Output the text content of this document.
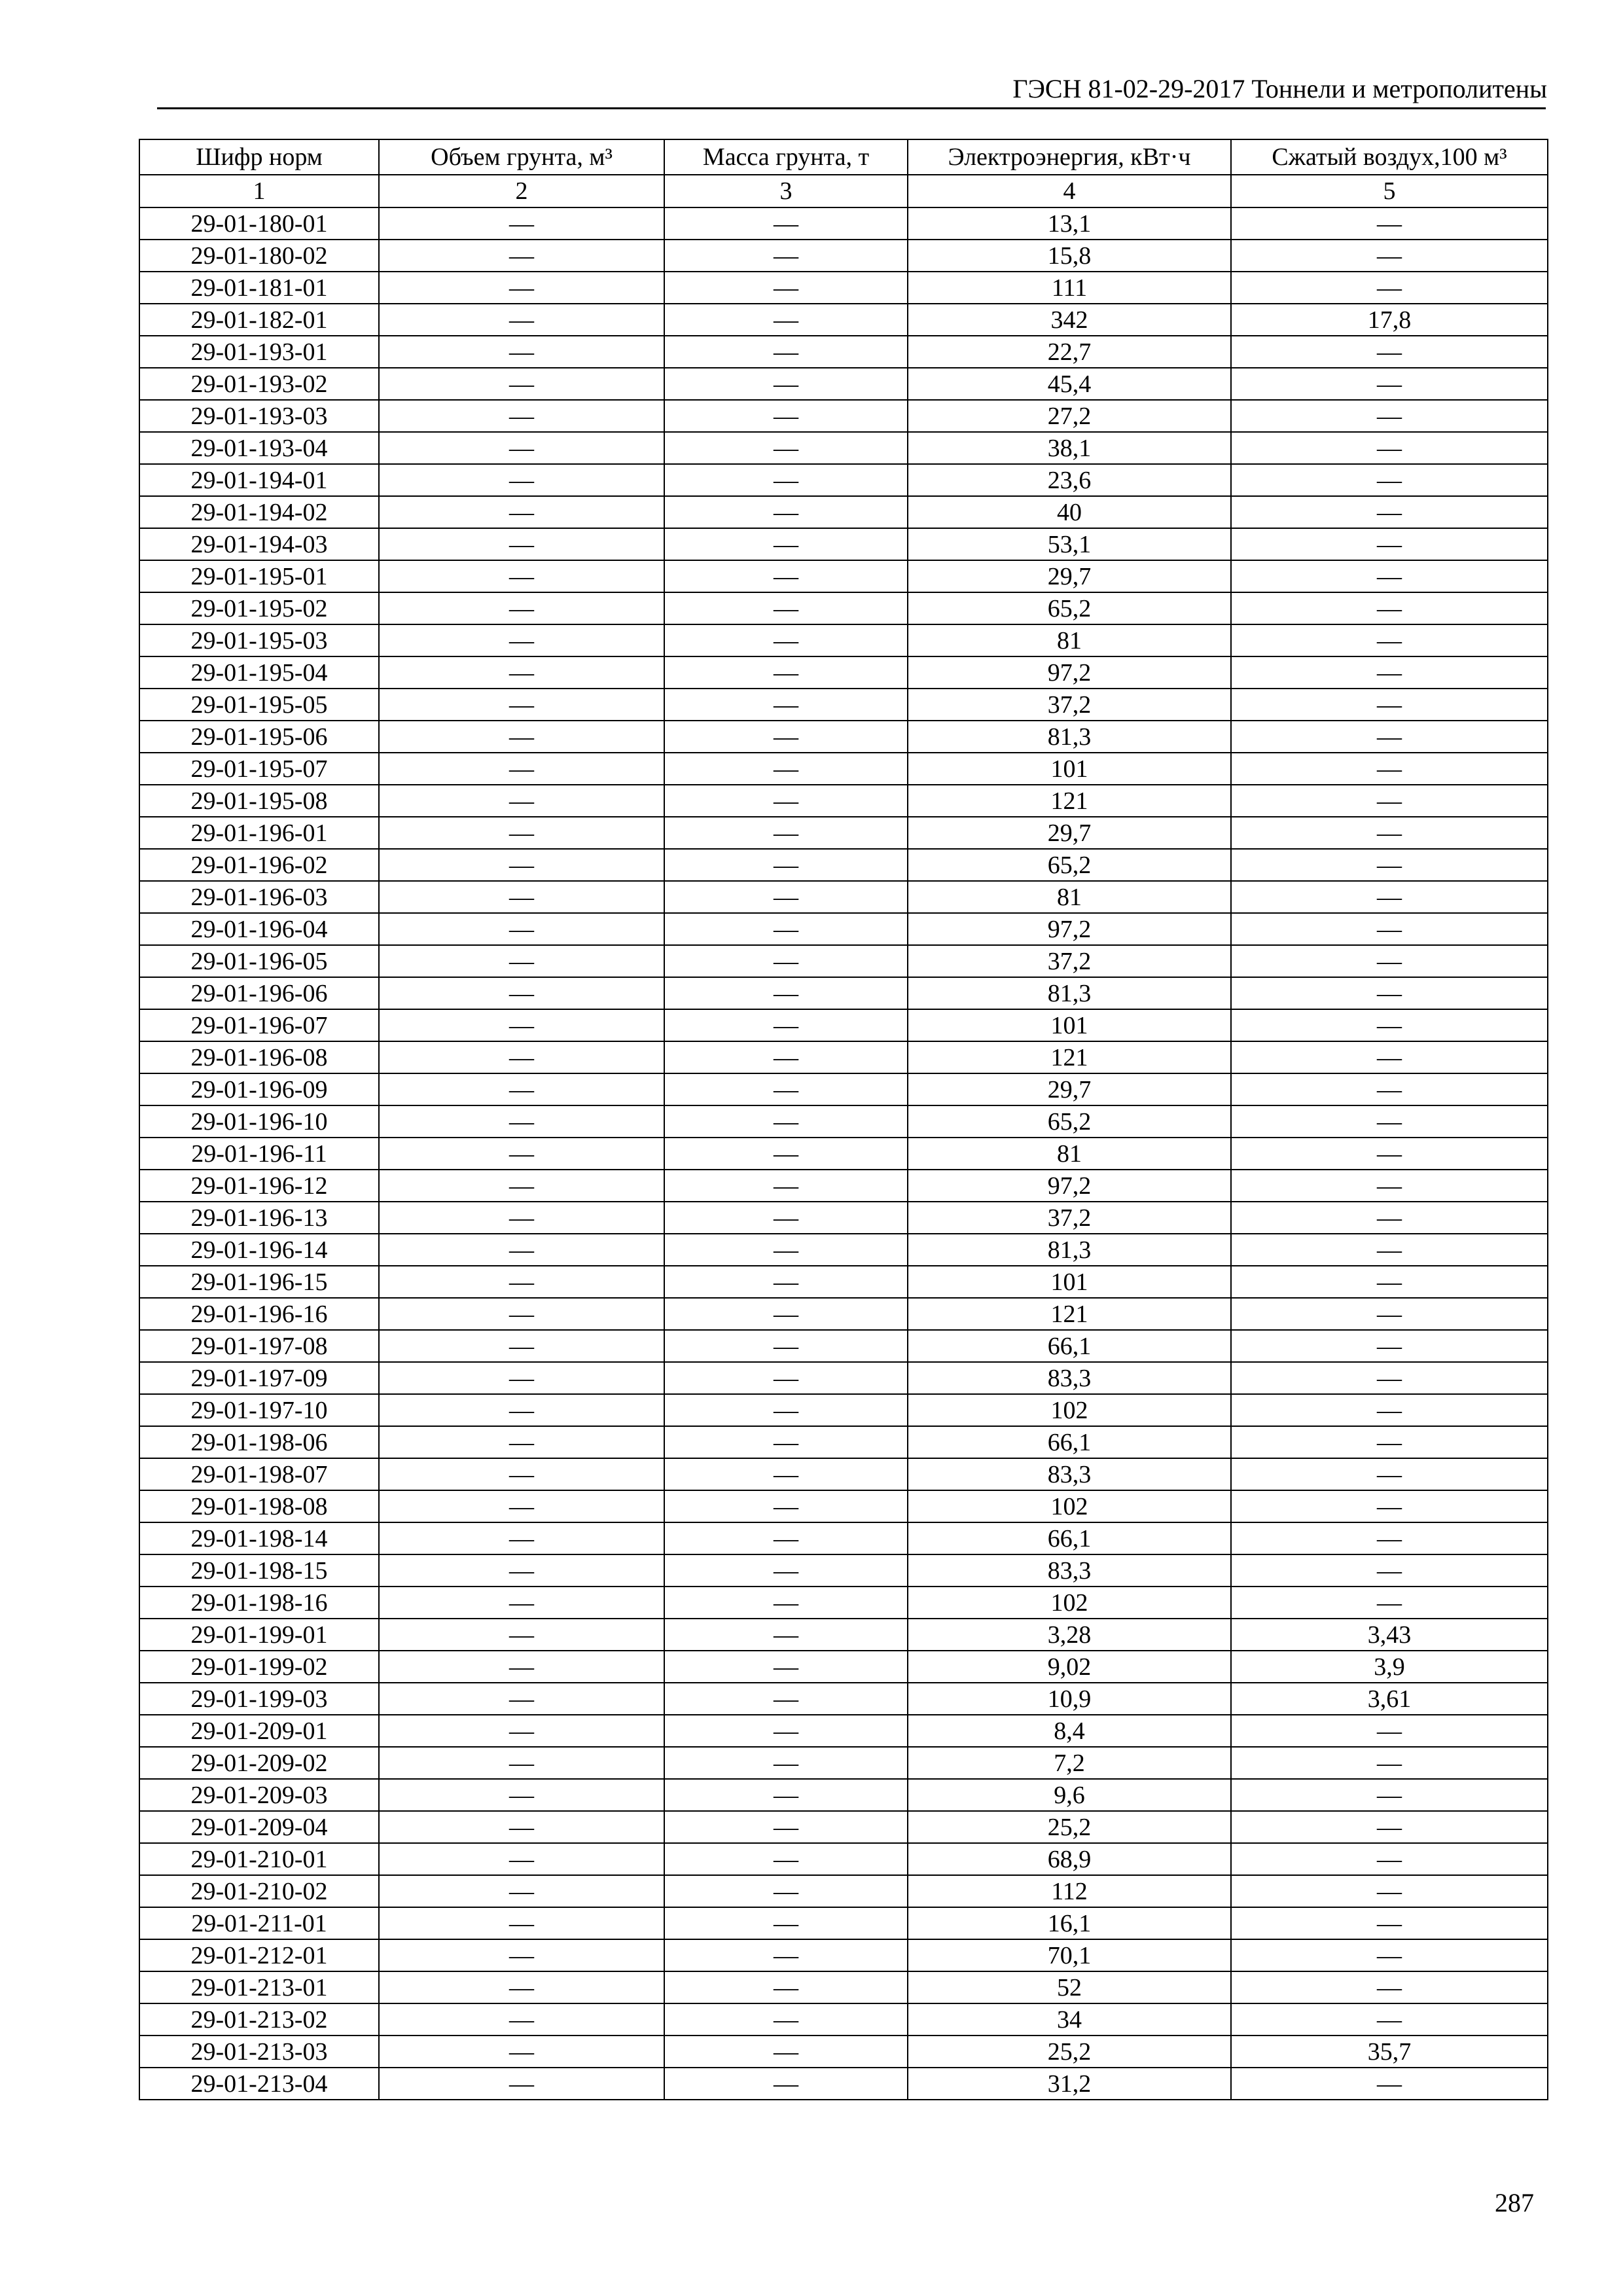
ГЭСН 81-02-29-2017 Тоннели и метрополитены
Шифр норм	Объем грунта, м³	Масса грунта, т	Электроэнергия, кВт·ч	Сжатый воздух,100 м³
1	2	3	4	5
29-01-180-01	—	—	13,1	—
29-01-180-02	—	—	15,8	—
29-01-181-01	—	—	111	—
29-01-182-01	—	—	342	17,8
29-01-193-01	—	—	22,7	—
29-01-193-02	—	—	45,4	—
29-01-193-03	—	—	27,2	—
29-01-193-04	—	—	38,1	—
29-01-194-01	—	—	23,6	—
29-01-194-02	—	—	40	—
29-01-194-03	—	—	53,1	—
29-01-195-01	—	—	29,7	—
29-01-195-02	—	—	65,2	—
29-01-195-03	—	—	81	—
29-01-195-04	—	—	97,2	—
29-01-195-05	—	—	37,2	—
29-01-195-06	—	—	81,3	—
29-01-195-07	—	—	101	—
29-01-195-08	—	—	121	—
29-01-196-01	—	—	29,7	—
29-01-196-02	—	—	65,2	—
29-01-196-03	—	—	81	—
29-01-196-04	—	—	97,2	—
29-01-196-05	—	—	37,2	—
29-01-196-06	—	—	81,3	—
29-01-196-07	—	—	101	—
29-01-196-08	—	—	121	—
29-01-196-09	—	—	29,7	—
29-01-196-10	—	—	65,2	—
29-01-196-11	—	—	81	—
29-01-196-12	—	—	97,2	—
29-01-196-13	—	—	37,2	—
29-01-196-14	—	—	81,3	—
29-01-196-15	—	—	101	—
29-01-196-16	—	—	121	—
29-01-197-08	—	—	66,1	—
29-01-197-09	—	—	83,3	—
29-01-197-10	—	—	102	—
29-01-198-06	—	—	66,1	—
29-01-198-07	—	—	83,3	—
29-01-198-08	—	—	102	—
29-01-198-14	—	—	66,1	—
29-01-198-15	—	—	83,3	—
29-01-198-16	—	—	102	—
29-01-199-01	—	—	3,28	3,43
29-01-199-02	—	—	9,02	3,9
29-01-199-03	—	—	10,9	3,61
29-01-209-01	—	—	8,4	—
29-01-209-02	—	—	7,2	—
29-01-209-03	—	—	9,6	—
29-01-209-04	—	—	25,2	—
29-01-210-01	—	—	68,9	—
29-01-210-02	—	—	112	—
29-01-211-01	—	—	16,1	—
29-01-212-01	—	—	70,1	—
29-01-213-01	—	—	52	—
29-01-213-02	—	—	34	—
29-01-213-03	—	—	25,2	35,7
29-01-213-04	—	—	31,2	—
287
